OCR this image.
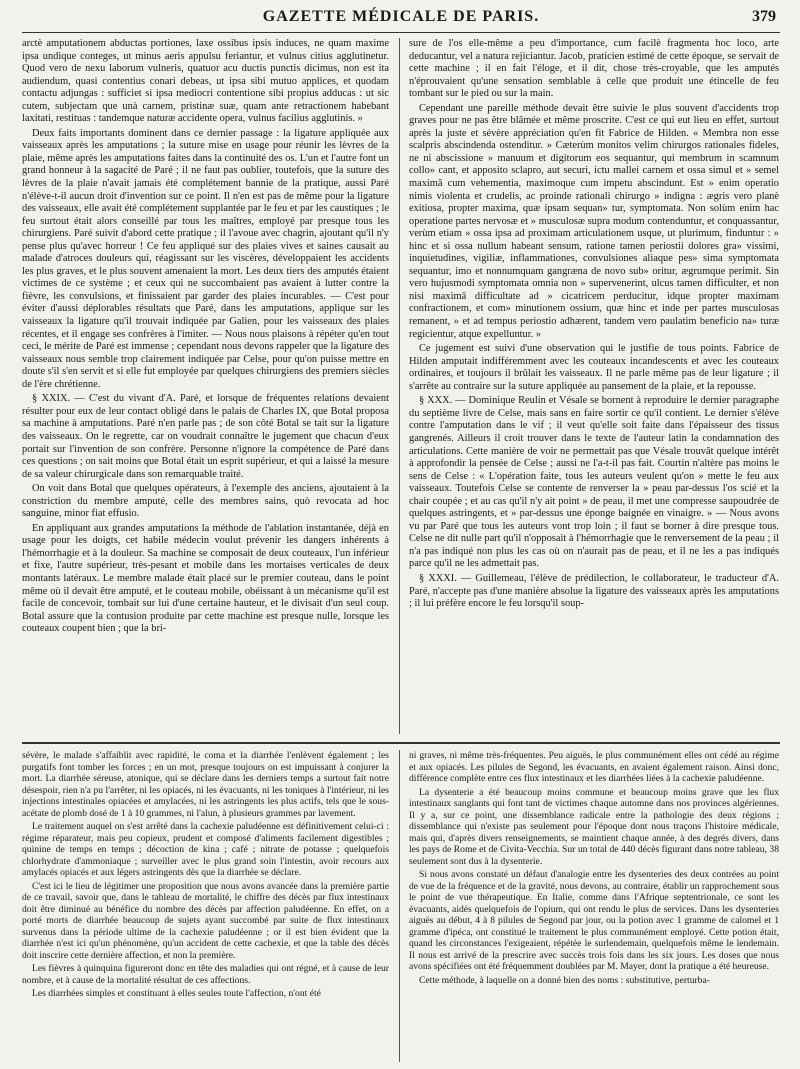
GAZETTE MÉDICALE DE PARIS.	379

arctè amputationem abductas portiones, laxe ossibus ipsis induces, ne quam maxime ipsa undique conteges, ut minus aeris appulsu feriantur, et vulnus citius agglutinetur. Quod vero de nexu laborum vulneris, quatuor acu ductis punctis dicimus, non est ita audiendum, quasi contentius conari debeas, ut ipsa sibi mutuo applices, et quodam contactu adjungas : sufficiet si ipsa mediocri contentione sibi propius adducas : ut sic cutem, subjectam que unà carnem, pristinæ suæ, quam ante retractionem habebant laxitati, restituas : tandemque naturæ accidente opera, vulnus facilius agglutinis. »

Deux faits importants dominent dans ce dernier passage : la ligature appliquée aux vaisseaux après les amputations ; la suture mise en usage pour réunir les lèvres de la plaie, même après les amputations faites dans la continuité des os. L'un et l'autre font un grand honneur à la sagacité de Paré ; il ne faut pas oublier, toutefois, que la suture des lèvres de la plaie n'avait jamais été complétement bannie de la pratique, aussi Paré n'élève-t-il aucun droit d'invention sur ce point. Il n'en est pas de même pour la ligature des vaisseaux, elle avait été complétement supplantée par le feu et par les caustiques ; le feu surtout était alors conseillé par tous les maîtres, employé par presque tous les chirurgiens. Paré suivit d'abord cette pratique ; il l'avoue avec chagrin, ajoutant qu'il n'y pense plus qu'avec horreur ! Ce feu appliqué sur des plaies vives et saines causait au malade d'atroces douleurs qui, réagissant sur les viscères, développaient les accidents les plus graves, et le plus souvent amenaient la mort. Les deux tiers des amputés étaient victimes de ce système ; et ceux qui ne succombaient pas avaient à lutter contre la fièvre, les convulsions, et finissaient par garder des plaies incurables. — C'est pour éviter d'aussi déplorables résultats que Paré, dans les amputations, applique sur les vaisseaux la ligature qu'il trouvait indiquée par Galien, pour les vaisseaux des plaies récentes, et il engage ses confrères à l'imiter. — Nous nous plaisons à répéter qu'en tout ceci, le mérite de Paré est immense ; cependant nous devons rappeler que la ligature des vaisseaux nous semble trop clairement indiquée par Celse, pour qu'on puisse mettre en doute s'il s'en servit et si elle fut employée par quelques chirurgiens des premiers siècles de l'ère chrétienne.

§ XXIX. — C'est du vivant d'A. Paré, et lorsque de fréquentes relations devaient résulter pour eux de leur contact obligé dans le palais de Charles IX, que Botal proposa sa machine à amputations. Paré n'en parle pas ; de son côté Botal se tait sur la ligature des vaisseaux. On le regrette, car on voudrait connaître le jugement que chacun d'eux portait sur l'invention de son confrère. Personne n'ignore la compétence de Paré dans ces questions ; on sait moins que Botal était un esprit supérieur, et qui a laissé la mesure de sa valeur chirurgicale dans son remarquable traité.

On voit dans Botal que quelques opérateurs, à l'exemple des anciens, ajoutaient à la constriction du membre amputé, celle des membres sains, quò revocata ad hoc sanguine, minor fiat effusio.

En appliquant aux grandes amputations la méthode de l'ablation instantanée, déjà en usage pour les doigts, cet habile médecin voulut prévenir les dangers inhérents à l'hémorrhagie et à la douleur. Sa machine se composait de deux couteaux, l'un inférieur et fixe, l'autre supérieur, très-pesant et mobile dans les mortaises verticales de deux montants latéraux. Le membre malade était placé sur le premier couteau, dans le point même où il devait être amputé, et le couteau mobile, obéissant à un mécanisme qu'il est facile de concevoir, tombait sur lui d'une certaine hauteur, et le divisait d'un seul coup. Botal assure que la contusion produite par cette machine est presque nulle, lorsque les couteaux coupent bien ; que la bri-

sure de l'os elle-même a peu d'importance, cum facilè fragmenta hoc loco, arte deducantur, vel a natura rejiciantur. Jacob, praticien estimé de cette époque, se servait de cette machine ; il en fait l'éloge, et il dit, chose très-croyable, que les amputés n'éprouvaient qu'une sensation semblable à celle que produit une étincelle de feu tombant sur le pied ou sur la main.

Cependant une pareille méthode devait être suivie le plus souvent d'accidents trop graves pour ne pas être blâmée et même proscrite. C'est ce qui eut lieu en effet, surtout après la juste et sévère appréciation qu'en fit Fabrice de Hilden. « Membra non esse scalpris abscindenda ostenditur. » Cæterùm monitos velim chirurgos rationales fideles, ne ni abscissione » manuum et digitorum eos sequantur, qui membrum in scamnum collo» cant, et apposito sclapro, aut securi, ictu mallei carnem et ossa simul et » semel maximâ cum vehementia, maximoque cum impetu abscindunt. Est » enim operatio nimis violenta et crudelis, ac proinde rationali chirurgo » indigna : ægris vero planè exitiosa, propter maxima, quæ ipsam sequan» tur, symptomata. Non solùm enim hac operatione partes nervosæ et » musculosæ supra modum contenduntur, et conquassantur, verùm etiam » ossa ipsa ad proximam articulationem usque, ut plurimum, finduntur : » hinc et si ossa nullum habeant sensum, ratione tamen periostii dolores gra» vissimi, inquietudines, vigiliæ, inflammationes, convulsiones aliaque pes» sima symptomata sequantur, imo et nonnumquam gangræna de novo sub» oritur, ægrumque perimit. Sin vero hujusmodi symptomata omnia non » supervenerint, ulcus tamen difficulter, et non nisi maximâ difficultate ad » cicatricem perducitur, idque propter maximam confractionem, et com» minutionem ossium, quæ hinc et inde per partes musculosas remanent, » et ad tempus periostio adhærent, tandem vero paulatim beneficio na» turæ regicientur, atque expelluntur. »

Ce jugement est suivi d'une observation qui le justifie de tous points. Fabrice de Hilden amputait indifféremment avec les couteaux incandescents et avec les couteaux ordinaires, et toujours il brûlait les vaisseaux. Il ne parle même pas de leur ligature ; il s'arrête au contraire sur la suture appliquée au pansement de la plaie, et la repousse.

§ XXX. — Dominique Reulin et Vésale se bornent à reproduire le dernier paragraphe du septième livre de Celse, mais sans en faire sortir ce qu'il contient. Le dernier s'élève contre l'amputation dans le vif ; il veut qu'elle soit faite dans l'épaisseur des tissus gangrenés. Ailleurs il croit trouver dans le texte de l'auteur latin la condamnation des articulations. Cette manière de voir ne permettait pas que Vésale trouvât quelque intérêt à approfondir la pensée de Celse ; aussi ne l'a-t-il pas fait. Courtin n'altère pas moins le sens de Celse : « L'opération faite, tous les auteurs veulent qu'on » mette le feu aux vaisseaux. Toutefois Celse se contente de renverser la » peau par-dessus l'os scié et la chair coupée ; et au cas qu'il n'y ait point » de peau, il met une compresse saupoudrée de quelques astringents, et » par-dessus une éponge baignée en vinaigre. » — Nous avons vu par Paré que tous les auteurs vont trop loin ; il faut se borner à dire presque tous. Celse ne dit nulle part qu'il n'opposait à l'hémorrhagie que le renversement de la peau ; il n'a pas indiqué non plus les cas où on n'aurait pas de peau, et il ne les a pas indiqués parce qu'il ne les admettait pas.

§ XXXI. — Guillemeau, l'élève de prédilection, le collaborateur, le traducteur d'A. Paré, n'accepte pas d'une manière absolue la ligature des vaisseaux après les amputations ; il lui préfère encore le feu lorsqu'il soup-

sévère, le malade s'affaiblit avec rapidité, le coma et la diarrhée l'enlèvent également ; les purgatifs font tomber les forces ; en un mot, presque toujours on est impuissant à conjurer la mort. La diarrhée séreuse, atonique, qui se déclare dans les derniers temps a surtout fait notre désespoir, rien n'a pu l'arrêter, ni les opiacés, ni les évacuants, ni les toniques à l'intérieur, ni les injections intestinales opiacées et amylacées, ni les astringents les plus actifs, tels que le sous-acétate de plomb dosé de 1 à 10 grammes, ni l'alun, à plusieurs grammes par lavement.

Le traitement auquel on s'est arrêté dans la cachexie paludéenne est définitivement celui-ci : régime réparateur, mais peu copieux, prudent et composé d'aliments facilement digestibles ; quinine de temps en temps ; décoction de kina ; café ; nitrate de potasse ; quelquefois chlorhydrate d'ammoniaque ; surveiller avec le plus grand soin l'intestin, avoir recours aux amylacés opiacés et aux légers astringents dès que la diarrhée se déclare.

C'est ici le lieu de légitimer une proposition que nous avons avancée dans la première partie de ce travail, savoir que, dans le tableau de mortalité, le chiffre des décès par flux intestinaux doit être diminué au bénéfice du nombre des décès par affection paludéenne. En effet, on a porté morts de diarrhée beaucoup de sujets ayant succombé par suite de flux intestinaux survenus dans la période ultime de la cachexie paludéenne ; or il est bien évident que la diarrhée n'est ici qu'un phénomène, qu'un accident de cette cachexie, et que la table des décès doit inscrire cette dernière affection, et non la première.

Les fièvres à quinquina figureront donc en tête des maladies qui ont régné, et à cause de leur nombre, et à cause de la mortalité résultat de ces affections.

Les diarrhées simples et constituant à elles seules toute l'affection, n'ont été

ni graves, ni même très-fréquentes. Peu aiguës, le plus communément elles ont cédé au régime et aux opiacés. Les pilules de Segond, les évacuants, en avaient également raison. Ainsi donc, différence complète entre ces flux intestinaux et les diarrhées liées à la cachexie paludéenne.

La dysenterie a été beaucoup moins commune et beaucoup moins grave que les flux intestinaux sanglants qui font tant de victimes chaque automne dans nos provinces algériennes. Il y a, sur ce point, une dissemblance radicale entre la pathologie des deux régions ; dissemblance qui n'existe pas seulement pour l'époque dont nous traçons l'histoire médicale, mais qui, d'après divers renseignements, se maintient chaque année, à des degrés divers, dans les pays de Rome et de Civita-Vecchia. Sur un total de 440 décès figurant dans notre tableau, 38 seulement sont dus à la dysenterie.

Si nous avons constaté un défaut d'analogie entre les dysenteries des deux contrées au point de vue de la fréquence et de la gravité, nous devons, au contraire, établir un rapprochement sous le point de vue thérapeutique. En Italie, comme dans l'Afrique septentrionale, ce sont les évacuants, aidés quelquefois de l'opium, qui ont rendu le plus de services. Dans les dysenteries aiguës au début, 4 à 8 pilules de Segond par jour, ou la potion avec 1 gramme de calomel et 1 gramme d'ipéca, ont constitué le traitement le plus communément employé. Cette potion était, quand les circonstances l'exigeaient, répétée le surlendemain, quelquefois même le lendemain. Il nous est arrivé de la prescrire avec succès trois fois dans les six jours. Les doses que nous avons spécifiées ont été fréquemment doublées par M. Mayer, dont la pratique a été heureuse.

Cette méthode, à laquelle on a donné bien des noms : substitutive, perturba-
